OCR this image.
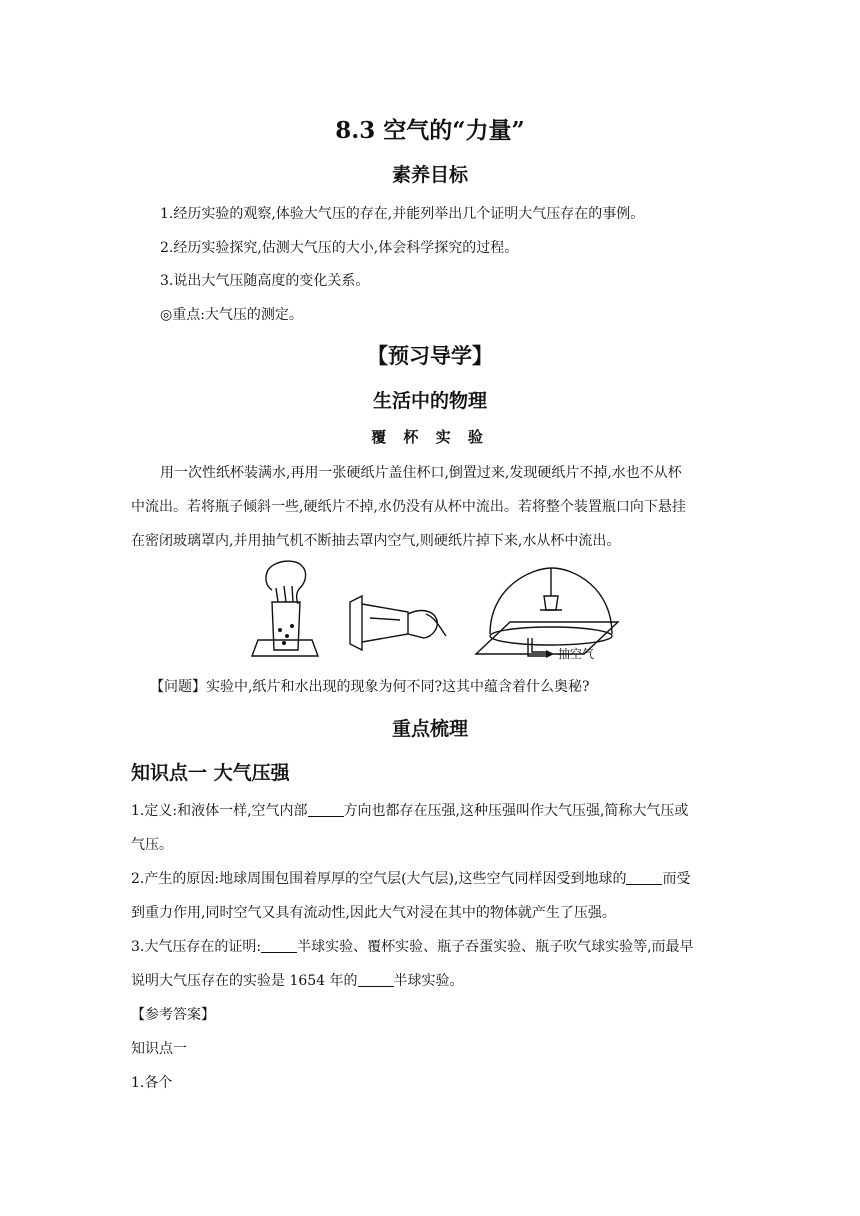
8.3 空气的“力量”
素养目标
1.经历实验的观察,体验大气压的存在,并能列举出几个证明大气压存在的事例。
2.经历实验探究,估测大气压的大小,体会科学探究的过程。
3.说出大气压随高度的变化关系。
◎重点:大气压的测定。
【预习导学】
生活中的物理
覆 杯 实 验
用一次性纸杯装满水,再用一张硬纸片盖住杯口,倒置过来,发现硬纸片不掉,水也不从杯
中流出。若将瓶子倾斜一些,硬纸片不掉,水仍没有从杯中流出。若将整个装置瓶口向下悬挂
在密闭玻璃罩内,并用抽气机不断抽去罩内空气,则硬纸片掉下来,水从杯中流出。
抽空气
【问题】实验中,纸片和水出现的现象为何不同?这其中蕴含着什么奥秘?
重点梳理
知识点一 大气压强
1.定义:和液体一样,空气内部	方向也都存在压强,这种压强叫作大气压强,简称大气压或
气压。
2.产生的原因:地球周围包围着厚厚的空气层(大气层),这些空气同样因受到地球的	而受
到重力作用,同时空气又具有流动性,因此大气对浸在其中的物体就产生了压强。
3.大气压存在的证明:	半球实验、覆杯实验、瓶子吞蛋实验、瓶子吹气球实验等,而最早
说明大气压存在的实验是 1654 年的	半球实验。
【参考答案】
知识点一
1.各个
